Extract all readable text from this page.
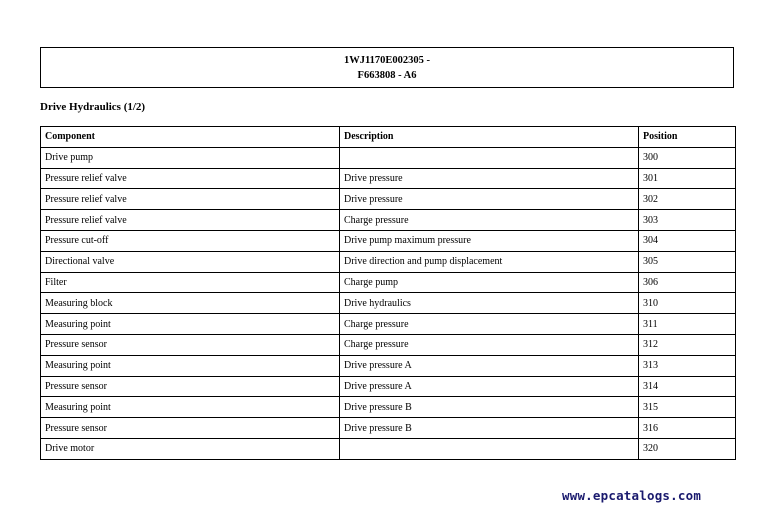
1WJ1170E002305 -
F663808 - A6
Drive Hydraulics (1/2)
Component	Description	Position
Drive pump		300
Pressure relief valve	Drive pressure	301
Pressure relief valve	Drive pressure	302
Pressure relief valve	Charge pressure	303
Pressure cut-off	Drive pump maximum pressure	304
Directional valve	Drive direction and pump displacement	305
Filter	Charge pump	306
Measuring block	Drive hydraulics	310
Measuring point	Charge pressure	311
Pressure sensor	Charge pressure	312
Measuring point	Drive pressure A	313
Pressure sensor	Drive pressure A	314
Measuring point	Drive pressure B	315
Pressure sensor	Drive pressure B	316
Drive motor		320
www.epcatalogs.com
